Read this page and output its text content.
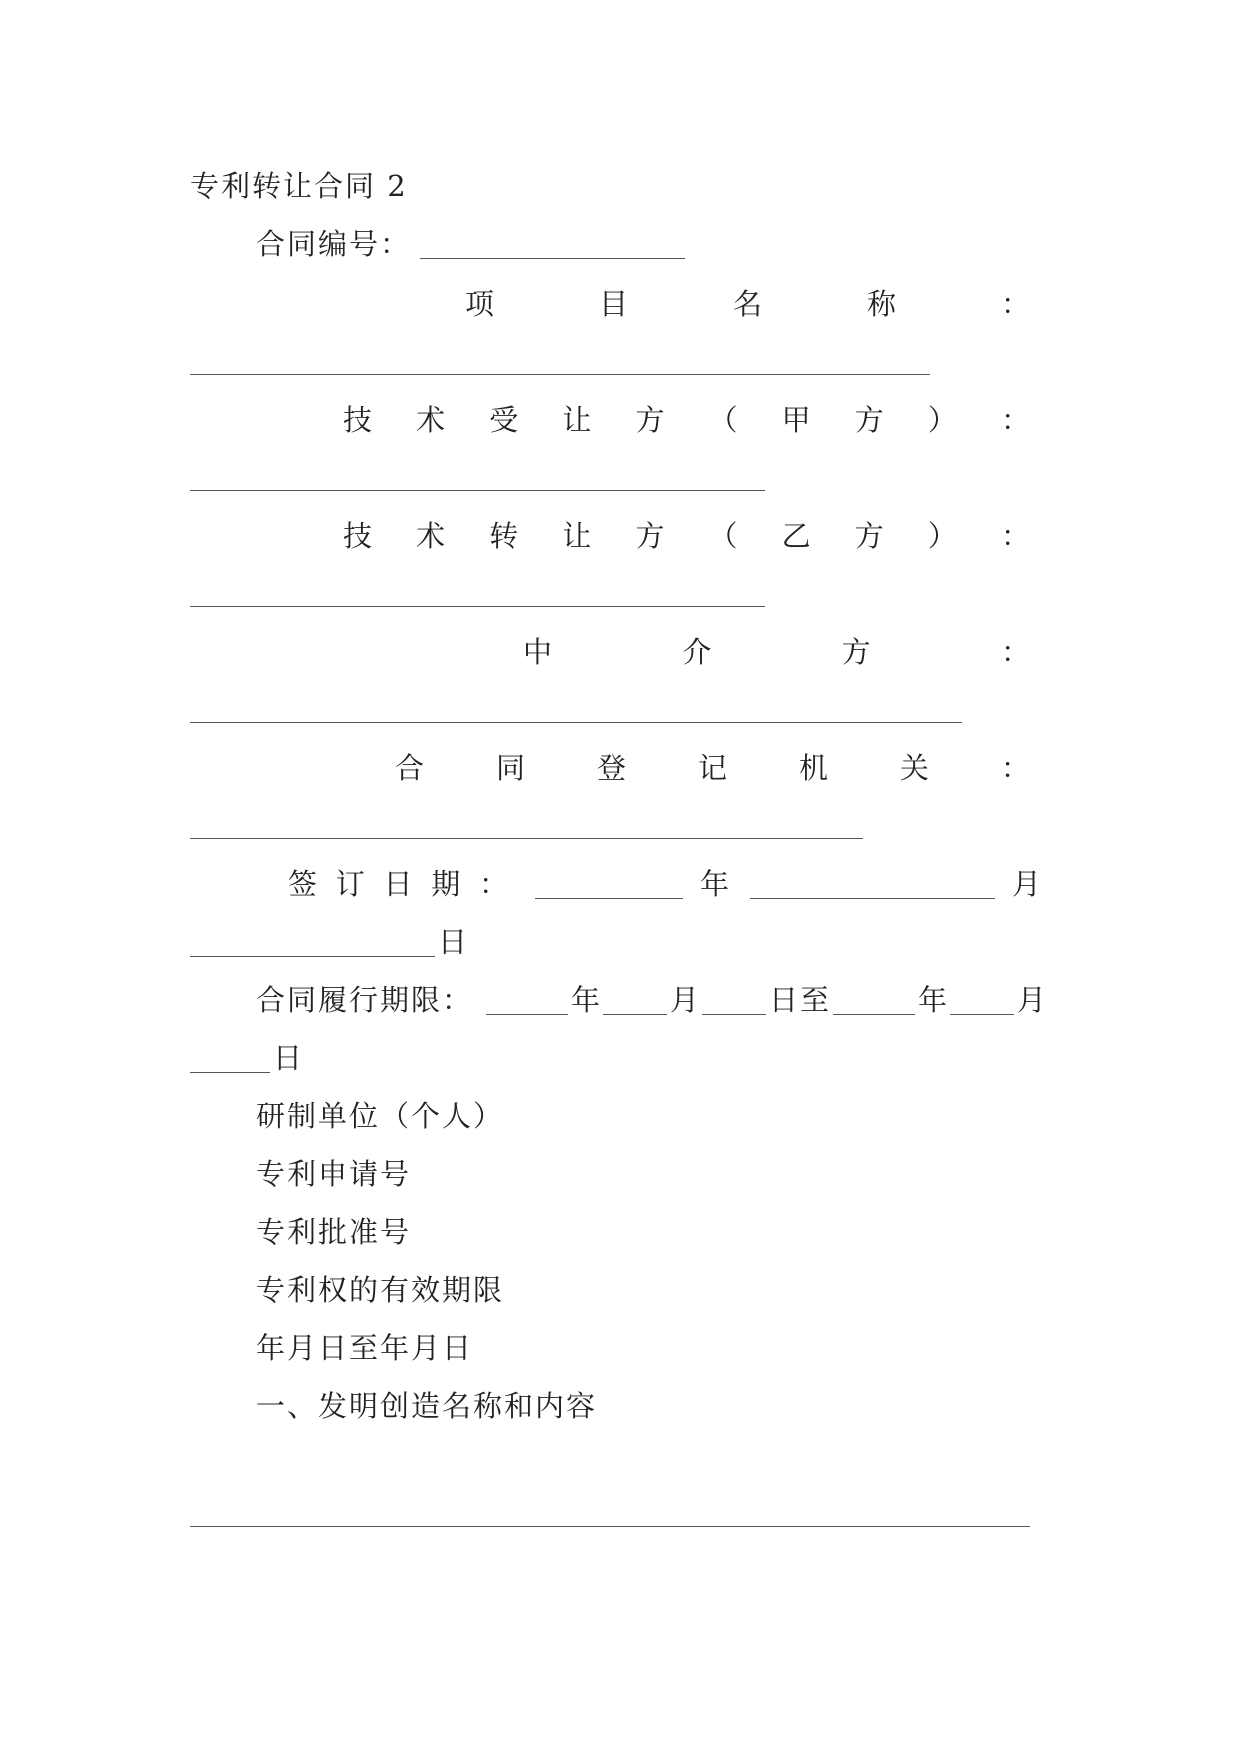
专利转让合同 2
合同编号：
项	目	名	称	：
技 术 受 让 方 （ 甲 方 ） ：
技 术 转 让 方 （ 乙 方 ） ：
中	介	方	：
合 同 登 记 机 关 ：
签 订 日 期 ：	年	月
日
合同履行期限：	年 月 日至	年 月
日
研制单位（个人）
专利申请号
专利批准号
专利权的有效期限
年月日至年月日
一、发明创造名称和内容
